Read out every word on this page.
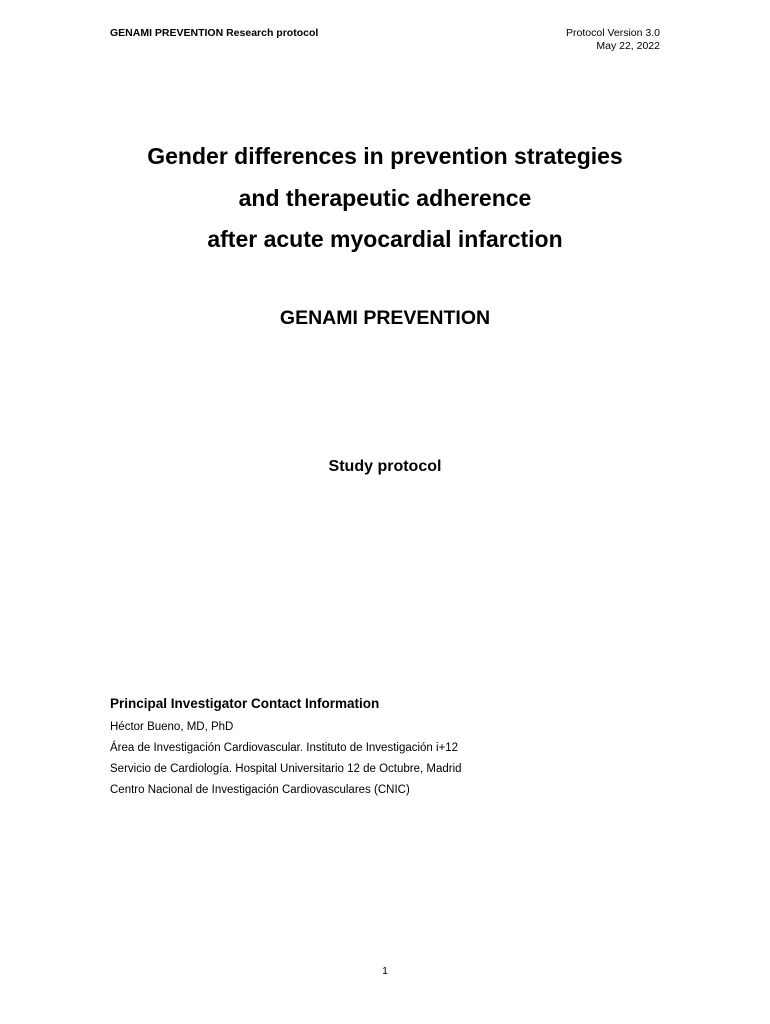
GENAMI PREVENTION Research protocol	Protocol Version 3.0
May 22, 2022
Gender differences in prevention strategies
and therapeutic adherence
after acute myocardial infarction
GENAMI PREVENTION
Study protocol
Principal Investigator Contact Information
Héctor Bueno, MD, PhD
Área de Investigación Cardiovascular. Instituto de Investigación i+12
Servicio de Cardiología. Hospital Universitario 12 de Octubre, Madrid
Centro Nacional de Investigación Cardiovasculares (CNIC)
1
